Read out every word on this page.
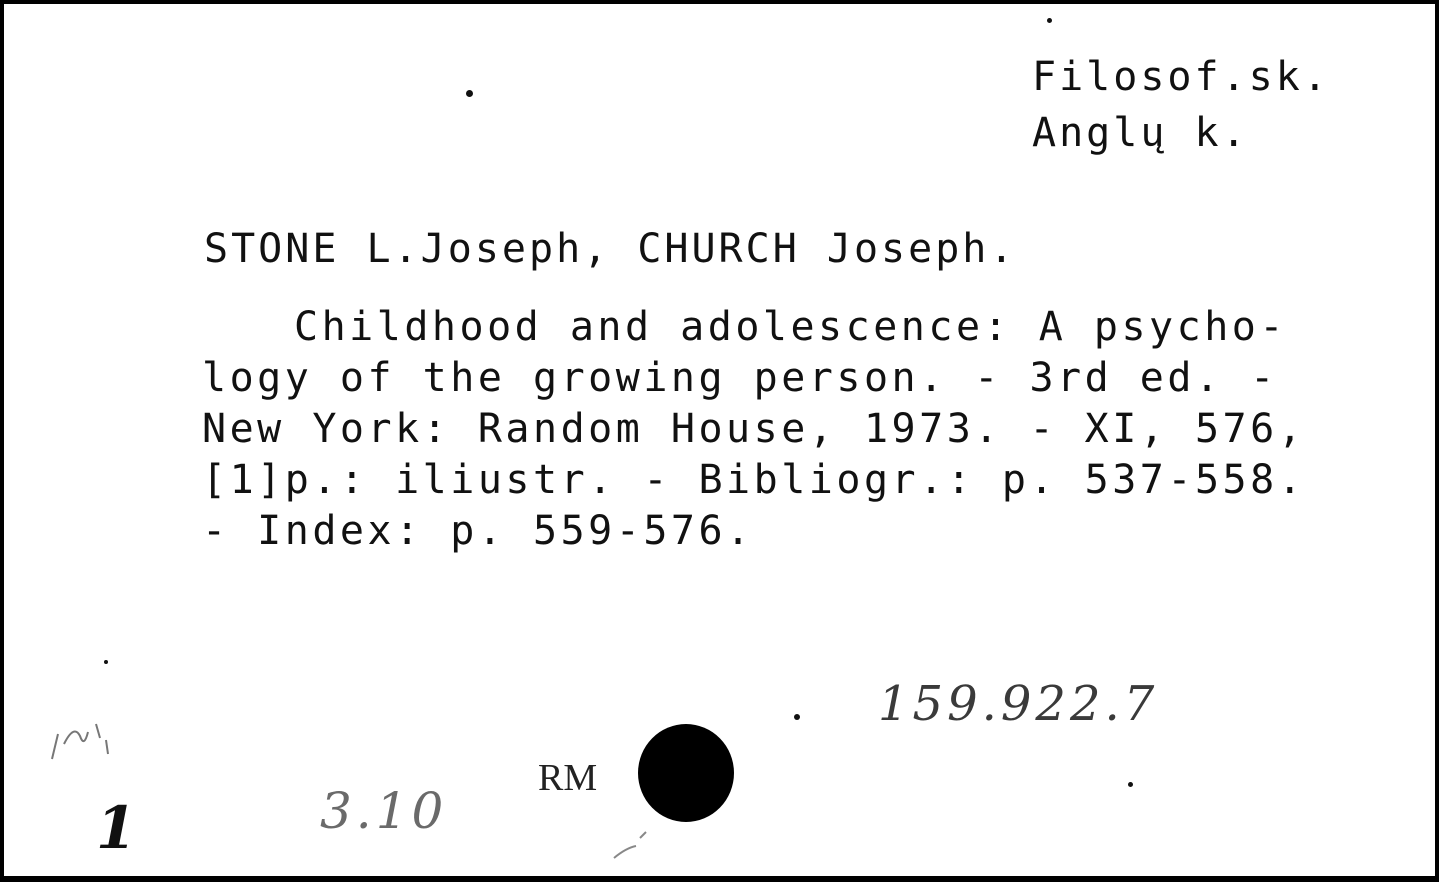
Filosof.sk.
Anglų k.
STONE L.Joseph, CHURCH Joseph.
Childhood and adolescence: A psycho-
logy of the growing person. - 3rd ed. -
New York: Random House, 1973. - XI, 576,
[1]p.: iliustr. - Bibliogr.: p. 537-558.
- Index: p. 559-576.
159.922.7
RM
3.10
1
